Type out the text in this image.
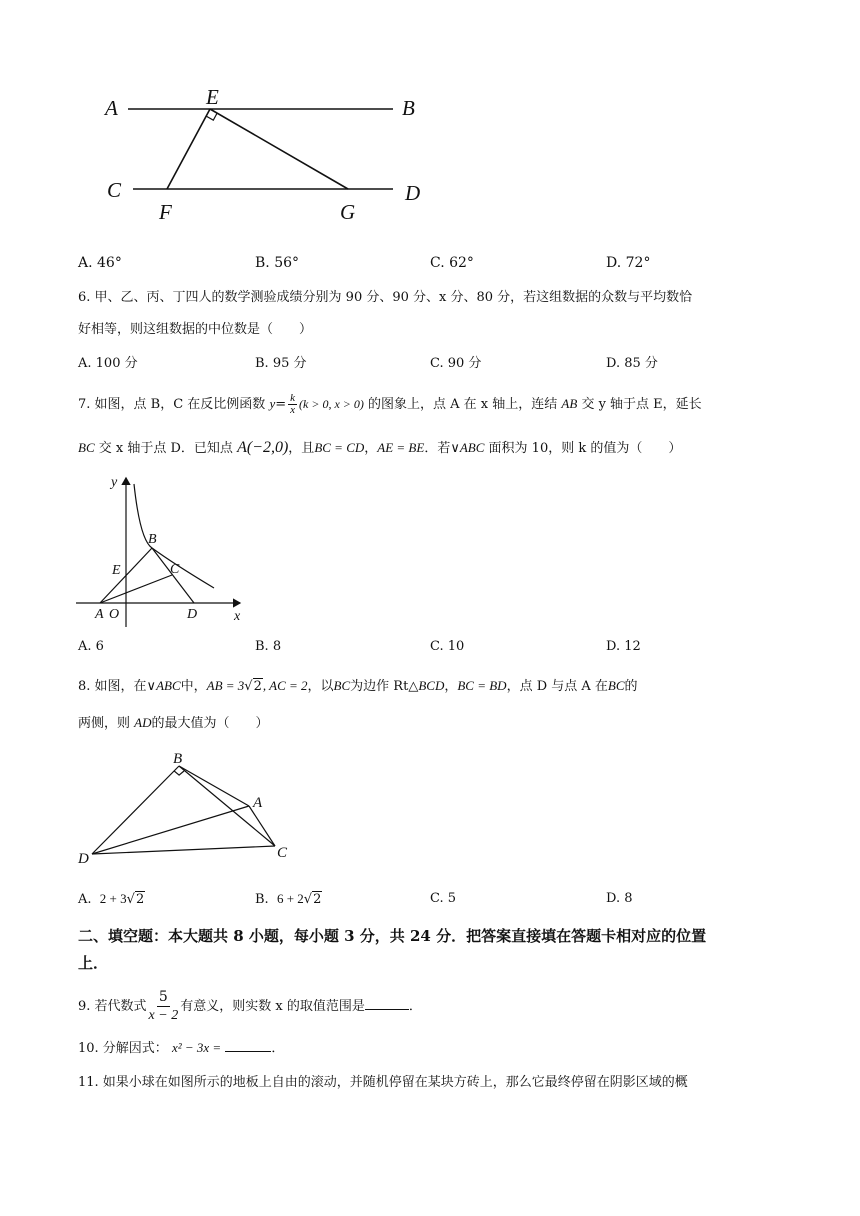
A	E	B
C	D
F	G
A. 46°	B. 56°	C. 62°	D. 72°
6. 甲、乙、丙、丁四人的数学测验成绩分别为 90 分、90 分、x 分、80 分，若这组数据的众数与平均数恰
好相等，则这组数据的中位数是（　　）
A. 100 分	B. 95 分	C. 90 分	D. 85 分
7. 如图，点 B，C 在反比例函数 $y= \frac{k}{x} (k > 0$, x > 0) 的图象上，点 A 在 x 轴上，连结 AB 交 y 轴于点 E，延长
BC 交 x 轴于点 D．已知点 A(−2,0)，且BC = CD，AE = BE．若∨ABC 面积为 10，则 k 的值为（　　）
y
x
B
C
E
A O	D
A. 6	B. 8	C. 10	D. 12
8. 如图，在∨ABC中，AB = 3√2, AC = 2，以BC为边作 Rt△BCD，BC = BD，点 D 与点 A 在BC的
两侧，则 AD的最大值为（　　）
B
A
D	C
A. 2 + 3√2	B. 6 + 2√2	C. 5	D. 8
二、填空题：本大题共 8 小题，每小题 3 分，共 24 分．把答案直接填在答题卡相对应的位置
上．
9. 若代数式 $\frac{5}{x - 2}$ 有意义，则实数 x 的取值范围是	．
10. 分解因式： x² − 3x =	．
11. 如果小球在如图所示的地板上自由的滚动，并随机停留在某块方砖上，那么它最终停留在阴影区域的概
